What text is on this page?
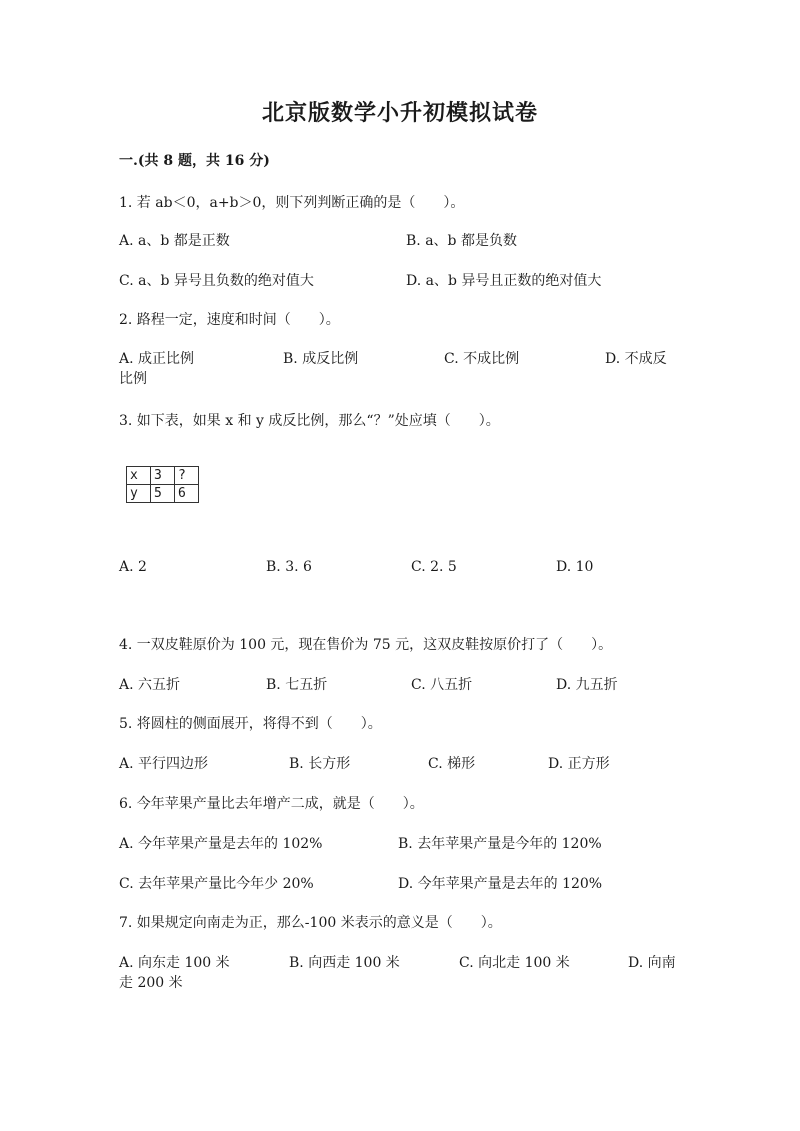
北京版数学小升初模拟试卷
一.(共 8 题，共 16 分)
1. 若 ab＜0，a+b＞0，则下列判断正确的是（　　）。
A. a、b 都是正数	B. a、b 都是负数
C. a、b 异号且负数的绝对值大	D. a、b 异号且正数的绝对值大
2. 路程一定，速度和时间（　　）。
A. 成正比例	B. 成反比例	C. 不成比例	D. 不成反
比例
3. 如下表，如果 x 和 y 成反比例，那么“？”处应填（　　）。
x	3	?
y	5	6
A. 2	B. 3. 6	C. 2. 5	D. 10
4. 一双皮鞋原价为 100 元，现在售价为 75 元，这双皮鞋按原价打了（　　）。
A. 六五折	B. 七五折	C. 八五折	D. 九五折
5. 将圆柱的侧面展开，将得不到（　　）。
A. 平行四边形	B. 长方形	C. 梯形	D. 正方形
6. 今年苹果产量比去年增产二成，就是（　　）。
A. 今年苹果产量是去年的 102%	B. 去年苹果产量是今年的 120%
C. 去年苹果产量比今年少 20%	D. 今年苹果产量是去年的 120%
7. 如果规定向南走为正，那么-100 米表示的意义是（　　）。
A. 向东走 100 米	B. 向西走 100 米	C. 向北走 100 米	D. 向南
走 200 米
